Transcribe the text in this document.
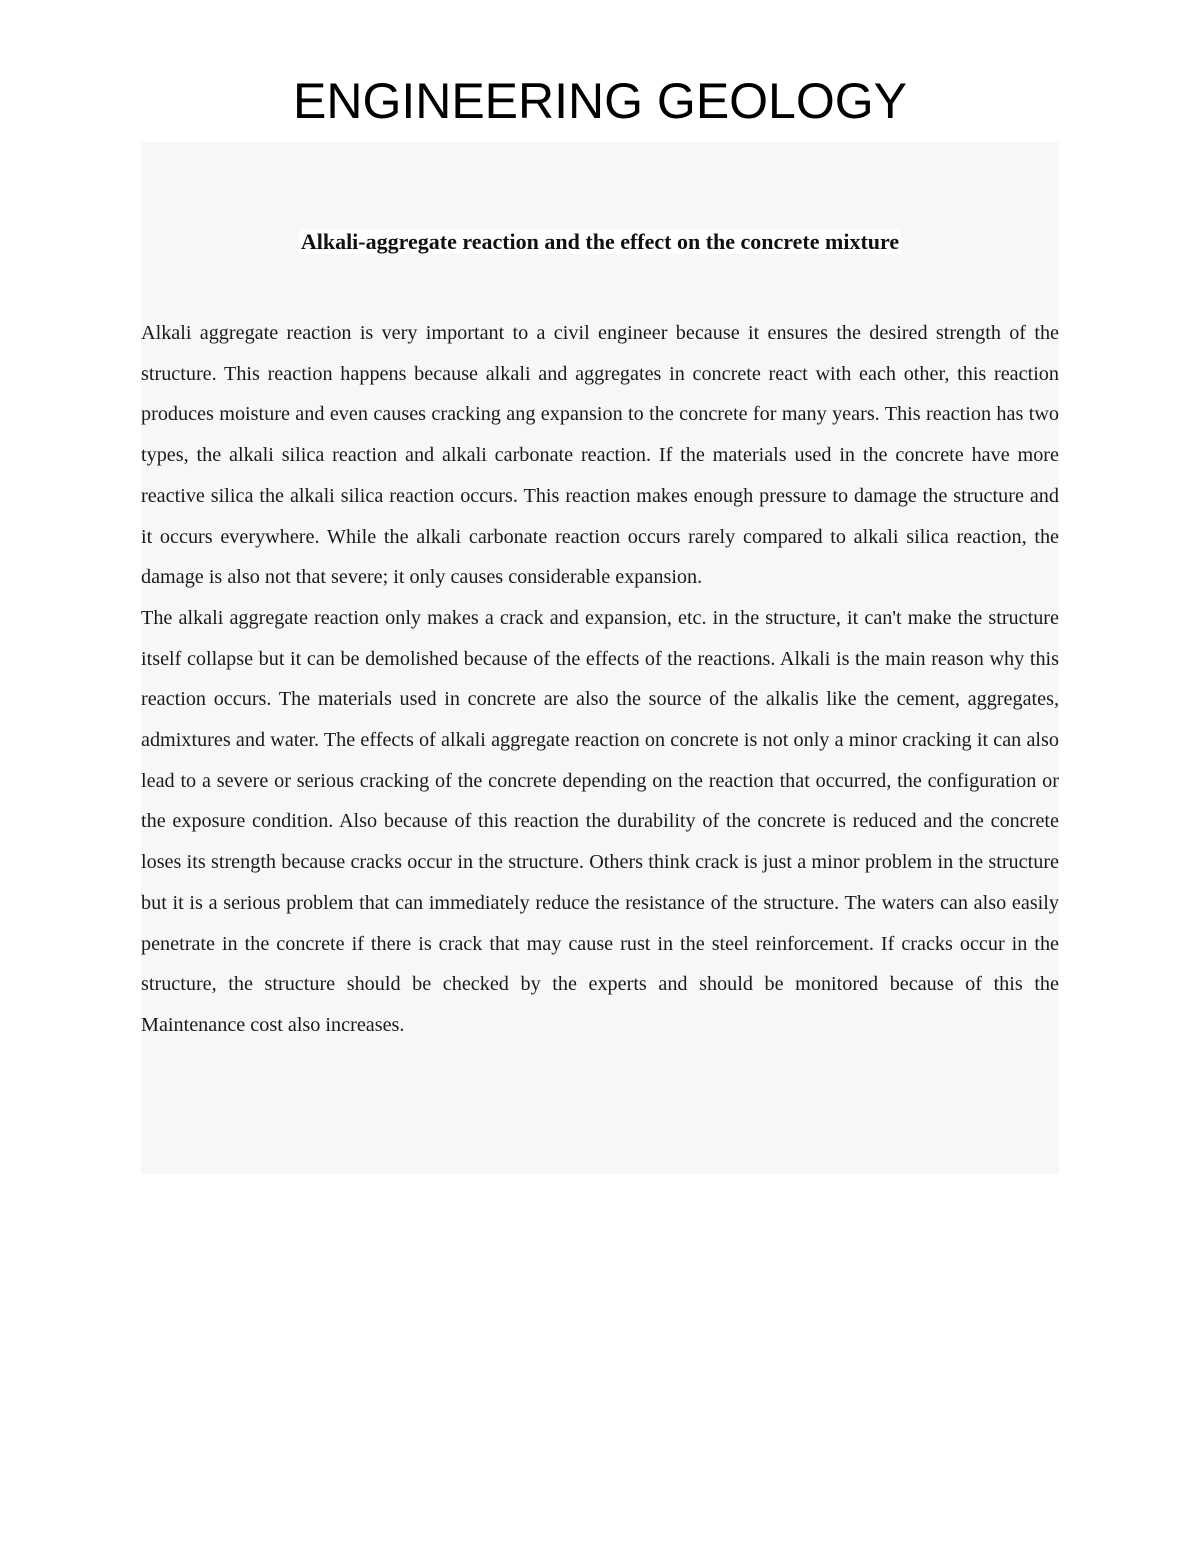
ENGINEERING GEOLOGY
Alkali-aggregate reaction and the effect on the concrete mixture

Alkali aggregate reaction is very important to a civil engineer because it ensures the desired strength of the structure. This reaction happens because alkali and aggregates in concrete react with each other, this reaction produces moisture and even causes cracking ang expansion to the concrete for many years. This reaction has two types, the alkali silica reaction and alkali carbonate reaction. If the materials used in the concrete have more reactive silica the alkali silica reaction occurs. This reaction makes enough pressure to damage the structure and it occurs everywhere. While the alkali carbonate reaction occurs rarely compared to alkali silica reaction, the damage is also not that severe; it only causes considerable expansion.

The alkali aggregate reaction only makes a crack and expansion, etc. in the structure, it can't make the structure itself collapse but it can be demolished because of the effects of the reactions. Alkali is the main reason why this reaction occurs. The materials used in concrete are also the source of the alkalis like the cement, aggregates, admixtures and water. The effects of alkali aggregate reaction on concrete is not only a minor cracking it can also lead to a severe or serious cracking of the concrete depending on the reaction that occurred, the configuration or the exposure condition. Also because of this reaction the durability of the concrete is reduced and the concrete loses its strength because cracks occur in the structure. Others think crack is just a minor problem in the structure but it is a serious problem that can immediately reduce the resistance of the structure. The waters can also easily penetrate in the concrete if there is crack that may cause rust in the steel reinforcement. If cracks occur in the structure, the structure should be checked by the experts and should be monitored because of this the Maintenance cost also increases.
